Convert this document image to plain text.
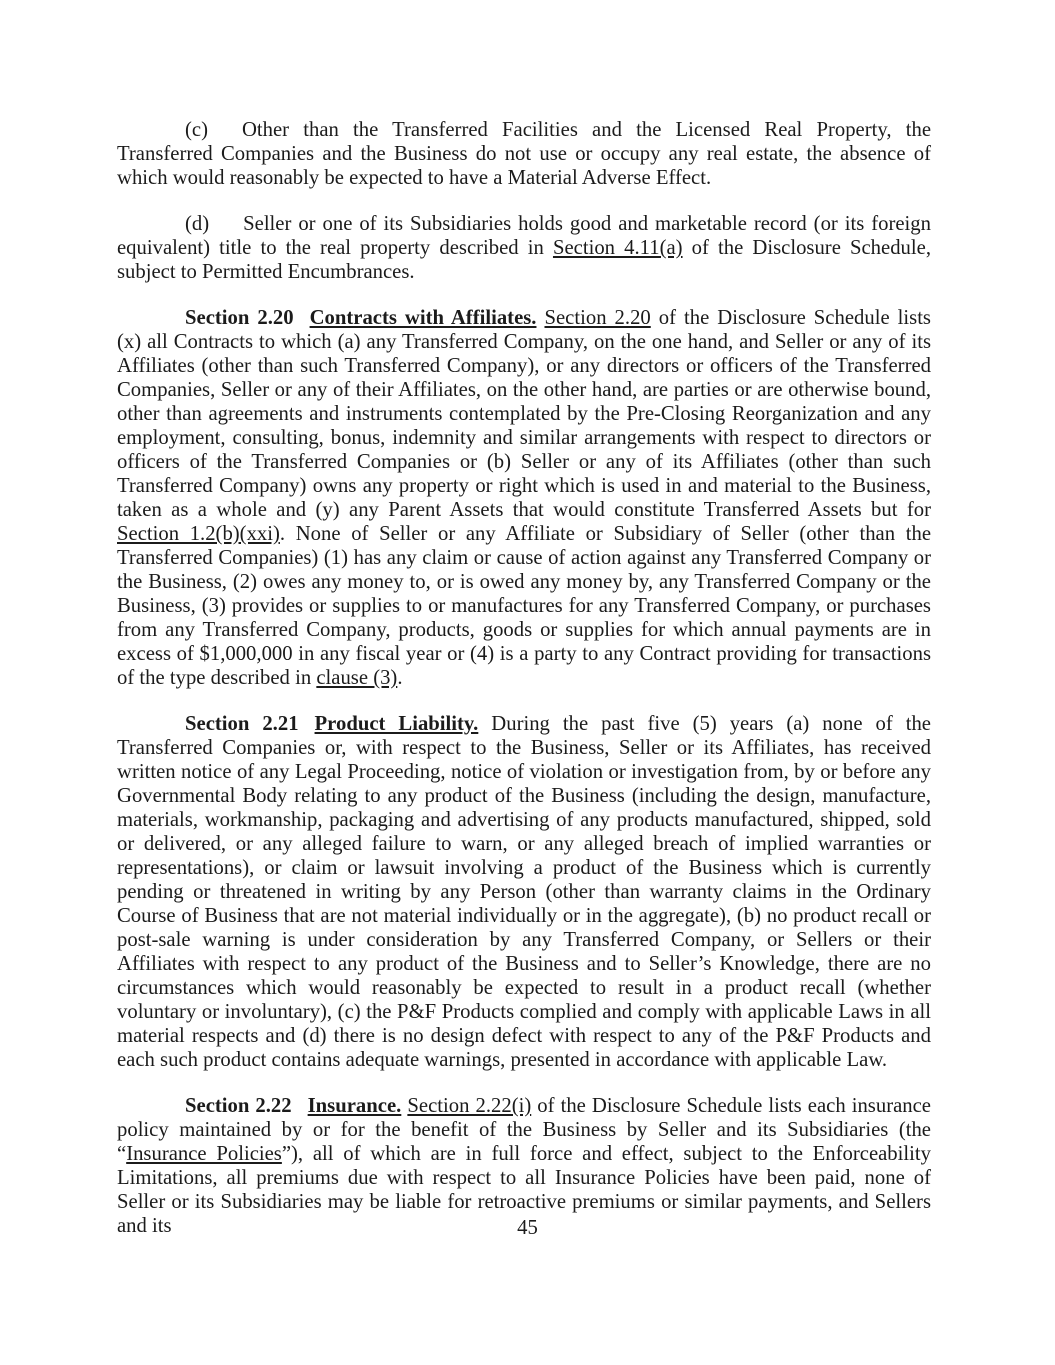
(c) Other than the Transferred Facilities and the Licensed Real Property, the Transferred Companies and the Business do not use or occupy any real estate, the absence of which would reasonably be expected to have a Material Adverse Effect.

(d) Seller or one of its Subsidiaries holds good and marketable record (or its foreign equivalent) title to the real property described in Section 4.11(a) of the Disclosure Schedule, subject to Permitted Encumbrances.

Section 2.20 Contracts with Affiliates. Section 2.20 of the Disclosure Schedule lists (x) all Contracts to which (a) any Transferred Company, on the one hand, and Seller or any of its Affiliates (other than such Transferred Company), or any directors or officers of the Transferred Companies, Seller or any of their Affiliates, on the other hand, are parties or are otherwise bound, other than agreements and instruments contemplated by the Pre-Closing Reorganization and any employment, consulting, bonus, indemnity and similar arrangements with respect to directors or officers of the Transferred Companies or (b) Seller or any of its Affiliates (other than such Transferred Company) owns any property or right which is used in and material to the Business, taken as a whole and (y) any Parent Assets that would constitute Transferred Assets but for Section 1.2(b)(xxi). None of Seller or any Affiliate or Subsidiary of Seller (other than the Transferred Companies) (1) has any claim or cause of action against any Transferred Company or the Business, (2) owes any money to, or is owed any money by, any Transferred Company or the Business, (3) provides or supplies to or manufactures for any Transferred Company, or purchases from any Transferred Company, products, goods or supplies for which annual payments are in excess of $1,000,000 in any fiscal year or (4) is a party to any Contract providing for transactions of the type described in clause (3).

Section 2.21 Product Liability. During the past five (5) years (a) none of the Transferred Companies or, with respect to the Business, Seller or its Affiliates, has received written notice of any Legal Proceeding, notice of violation or investigation from, by or before any Governmental Body relating to any product of the Business (including the design, manufacture, materials, workmanship, packaging and advertising of any products manufactured, shipped, sold or delivered, or any alleged failure to warn, or any alleged breach of implied warranties or representations), or claim or lawsuit involving a product of the Business which is currently pending or threatened in writing by any Person (other than warranty claims in the Ordinary Course of Business that are not material individually or in the aggregate), (b) no product recall or post-sale warning is under consideration by any Transferred Company, or Sellers or their Affiliates with respect to any product of the Business and to Seller’s Knowledge, there are no circumstances which would reasonably be expected to result in a product recall (whether voluntary or involuntary), (c) the P&F Products complied and comply with applicable Laws in all material respects and (d) there is no design defect with respect to any of the P&F Products and each such product contains adequate warnings, presented in accordance with applicable Law.

Section 2.22 Insurance. Section 2.22(i) of the Disclosure Schedule lists each insurance policy maintained by or for the benefit of the Business by Seller and its Subsidiaries (the “Insurance Policies”), all of which are in full force and effect, subject to the Enforceability Limitations, all premiums due with respect to all Insurance Policies have been paid, none of Seller or its Subsidiaries may be liable for retroactive premiums or similar payments, and Sellers and its	45
